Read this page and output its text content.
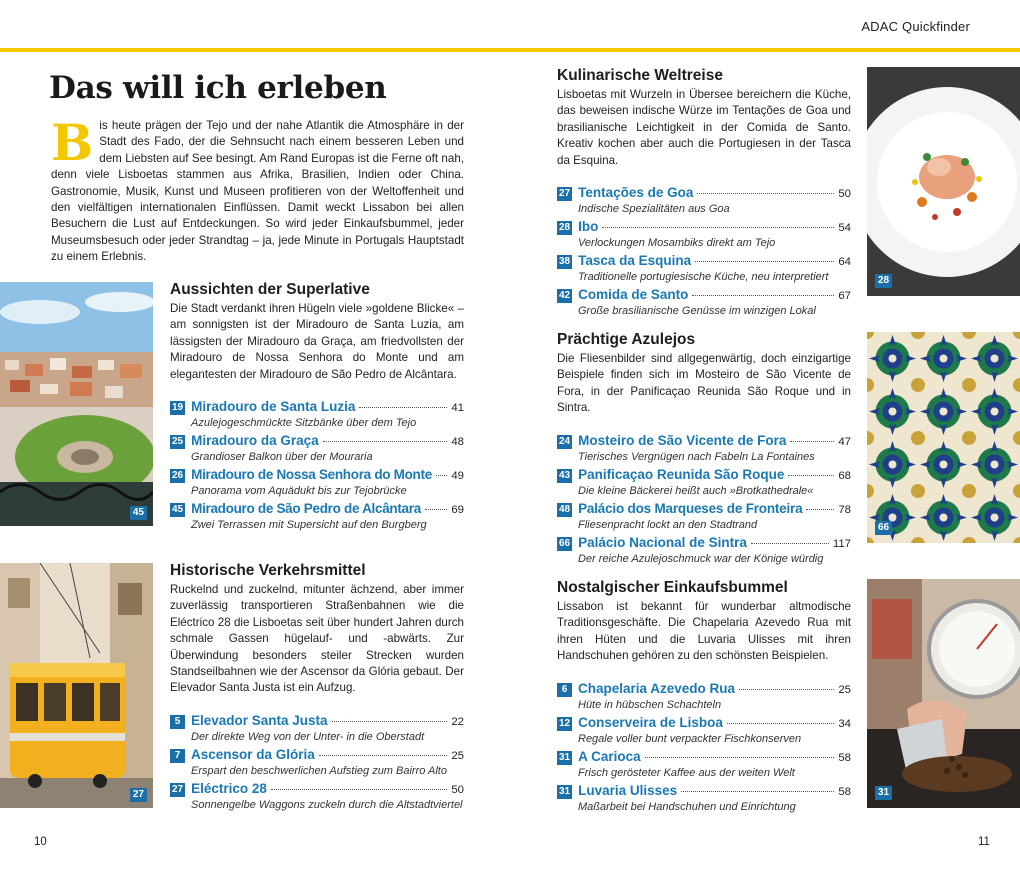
ADAC Quickfinder
Das will ich erleben
Bis heute prägen der Tejo und der nahe Atlantik die Atmosphäre in der Stadt des Fado, der die Sehnsucht nach einem besseren Leben und dem Liebsten auf See besingt. Am Rand Europas ist die Ferne oft nah, denn viele Lisboetas stammen aus Afrika, Brasilien, Indien oder China. Gastronomie, Musik, Kunst und Museen profitieren von der Weltoffenheit und den vielfältigen internationalen Einflüssen. Damit weckt Lissabon bei allen Besuchern die Lust auf Entdeckungen. So wird jeder Einkaufsbummel, jeder Museumsbesuch oder jeder Strandtag – ja, jede Minute in Portugals Hauptstadt zu einem Erlebnis.
45
Aussichten der Superlative
Die Stadt verdankt ihren Hügeln viele »goldene Blicke« – am sonnigsten ist der Miradouro de Santa Luzia, am lässigsten der Miradouro da Graça, am friedvollsten der Miradouro de Nossa Senhora do Monte und am elegantesten der Miradouro de São Pedro de Alcântara.
19 Miradouro de Santa Luzia	41
Azulejogeschmückte Sitzbänke über dem Tejo
25 Miradouro da Graça	48
Grandioser Balkon über der Mouraria
26 Miradouro de Nossa Senhora do Monte 49
Panorama vom Aquädukt bis zur Tejobrücke
45 Miradouro de São Pedro de Alcântara	69
Zwei Terrassen mit Supersicht auf den Burgberg
27
Historische Verkehrsmittel
Ruckelnd und zuckelnd, mitunter ächzend, aber immer zuverlässig transportieren Straßenbahnen wie die Eléctrico 28 die Lisboetas seit über hundert Jahren durch schmale Gassen hügelauf- und -abwärts. Zur Überwindung besonders steiler Strecken wurden Standseilbahnen wie der Ascensor da Glória gebaut. Der Elevador Santa Justa ist ein Aufzug.
5 Elevador Santa Justa	22
Der direkte Weg von der Unter- in die Oberstadt
7 Ascensor da Glória	25
Erspart den beschwerlichen Aufstieg zum Bairro Alto
27 Eléctrico 28	50
Sonnengelbe Waggons zuckeln durch die Altstadtviertel
Kulinarische Weltreise
Lisboetas mit Wurzeln in Übersee bereichern die Küche, das beweisen indische Würze im Tentações de Goa und brasilianische Leichtigkeit in der Comida de Santo. Kreativ kochen aber auch die Portugiesen in der Tasca da Esquina.
27 Tentações de Goa	50
Indische Spezialitäten aus Goa
28 Ibo	54
Verlockungen Mosambiks direkt am Tejo
38 Tasca da Esquina	64
Traditionelle portugiesische Küche, neu interpretiert
42 Comida de Santo	67
Große brasilianische Genüsse im winzigen Lokal
28
Prächtige Azulejos
Die Fliesenbilder sind allgegenwärtig, doch einzigartige Beispiele finden sich im Mosteiro de São Vicente de Fora, in der Panificaçao Reunida São Roque und in Sintra.
24 Mosteiro de São Vicente de Fora	47
Tierisches Vergnügen nach Fabeln La Fontaines
43 Panificaçao Reunida São Roque	68
Die kleine Bäckerei heißt auch »Brotkathedrale«
48 Palácio dos Marqueses de Fronteira	78
Fliesenpracht lockt an den Stadtrand
66 Palácio Nacional de Sintra	117
Der reiche Azulejoschmuck war der Könige würdig
66
Nostalgischer Einkaufsbummel
Lissabon ist bekannt für wunderbar altmodische Traditionsgeschäfte. Die Chapelaria Azevedo Rua mit ihren Hüten und die Luvaria Ulisses mit ihren Handschuhen gehören zu den schönsten Beispielen.
6 Chapelaria Azevedo Rua	25
Hüte in hübschen Schachteln
12 Conserveira de Lisboa	34
Regale voller bunt verpackter Fischkonserven
31 A Carioca	58
Frisch gerösteter Kaffee aus der weiten Welt
31 Luvaria Ulisses	58
Maßarbeit bei Handschuhen und Einrichtung
31
10	11
